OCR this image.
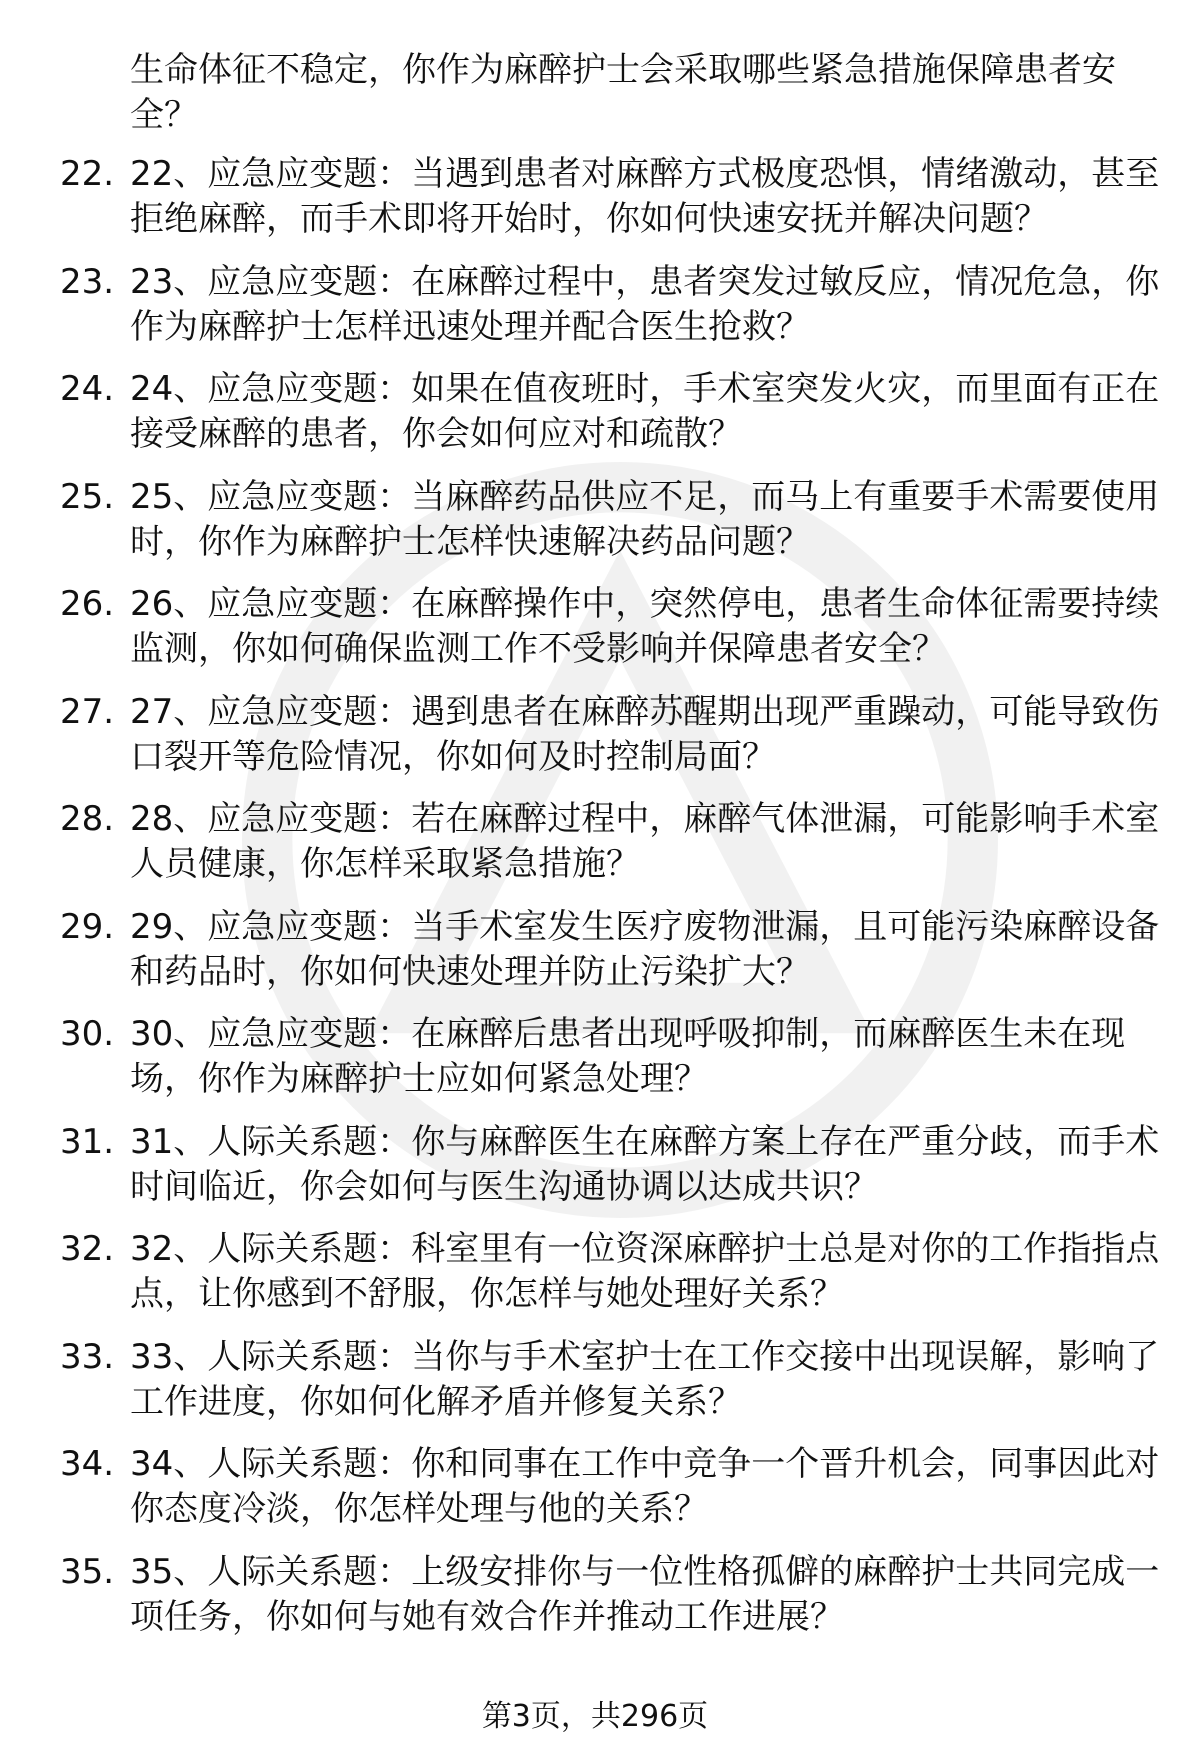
生命体征不稳定，你作为麻醉护士会采取哪些紧急措施保障患者安全？
22. 22、应急应变题：当遇到患者对麻醉方式极度恐惧，情绪激动，甚至拒绝麻醉，而手术即将开始时，你如何快速安抚并解决问题？
23. 23、应急应变题：在麻醉过程中，患者突发过敏反应，情况危急，你作为麻醉护士怎样迅速处理并配合医生抢救？
24. 24、应急应变题：如果在值夜班时，手术室突发火灾，而里面有正在接受麻醉的患者，你会如何应对和疏散？
25. 25、应急应变题：当麻醉药品供应不足，而马上有重要手术需要使用时，你作为麻醉护士怎样快速解决药品问题？
26. 26、应急应变题：在麻醉操作中，突然停电，患者生命体征需要持续监测，你如何确保监测工作不受影响并保障患者安全？
27. 27、应急应变题：遇到患者在麻醉苏醒期出现严重躁动，可能导致伤口裂开等危险情况，你如何及时控制局面？
28. 28、应急应变题：若在麻醉过程中，麻醉气体泄漏，可能影响手术室人员健康，你怎样采取紧急措施？
29. 29、应急应变题：当手术室发生医疗废物泄漏，且可能污染麻醉设备和药品时，你如何快速处理并防止污染扩大？
30. 30、应急应变题：在麻醉后患者出现呼吸抑制，而麻醉医生未在现场，你作为麻醉护士应如何紧急处理？
31. 31、人际关系题：你与麻醉医生在麻醉方案上存在严重分歧，而手术时间临近，你会如何与医生沟通协调以达成共识？
32. 32、人际关系题：科室里有一位资深麻醉护士总是对你的工作指指点点，让你感到不舒服，你怎样与她处理好关系？
33. 33、人际关系题：当你与手术室护士在工作交接中出现误解，影响了工作进度，你如何化解矛盾并修复关系？
34. 34、人际关系题：你和同事在工作中竞争一个晋升机会，同事因此对你态度冷淡，你怎样处理与他的关系？
35. 35、人际关系题：上级安排你与一位性格孤僻的麻醉护士共同完成一项任务，你如何与她有效合作并推动工作进展？
第3页，共296页
